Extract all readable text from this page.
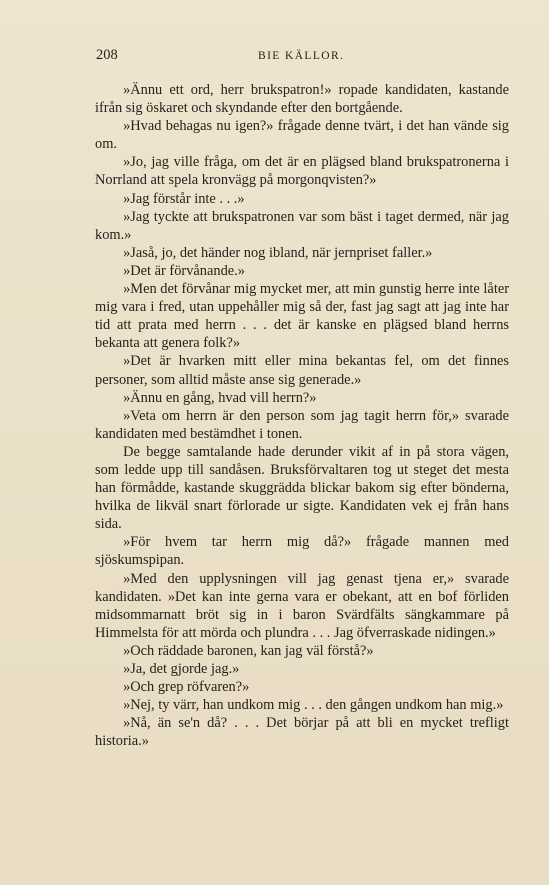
208	BIE KÄLLOR.

»Ännu ett ord, herr brukspatron!» ropade kandidaten, kastande ifrån sig öskaret och skyndande efter den bortgående.

»Hvad behagas nu igen?» frågade denne tvärt, i det han vände sig om.

»Jo, jag ville fråga, om det är en plägsed bland brukspatronerna i Norrland att spela kronvägg på morgonqvisten?»

»Jag förstår inte . . .»

»Jag tyckte att brukspatronen var som bäst i taget dermed, när jag kom.»

»Jaså, jo, det händer nog ibland, när jernpriset faller.»

»Det är förvånande.»

»Men det förvånar mig mycket mer, att min gunstig herre inte låter mig vara i fred, utan uppehåller mig så der, fast jag sagt att jag inte har tid att prata med herrn . . . det är kanske en plägsed bland herrns bekanta att genera folk?»

»Det är hvarken mitt eller mina bekantas fel, om det finnes personer, som alltid måste anse sig generade.»

»Ännu en gång, hvad vill herrn?»

»Veta om herrn är den person som jag tagit herrn för,» svarade kandidaten med bestämdhet i tonen.

De begge samtalande hade derunder vikit af in på stora vägen, som ledde upp till sandåsen. Bruksförvaltaren tog ut steget det mesta han förmådde, kastande skuggrädda blickar bakom sig efter bönderna, hvilka de likväl snart förlorade ur sigte. Kandidaten vek ej från hans sida.

»För hvem tar herrn mig då?» frågade mannen med sjöskumspipan.

»Med den upplysningen vill jag genast tjena er,» svarade kandidaten. »Det kan inte gerna vara er obekant, att en bof förliden midsommarnatt bröt sig in i baron Svärdfälts sängkammare på Himmelsta för att mörda och plundra . . . Jag öfverraskade nidingen.»

»Och räddade baronen, kan jag väl förstå?»

»Ja, det gjorde jag.»

»Och grep röfvaren?»

»Nej, ty värr, han undkom mig . . . den gången undkom han mig.»

»Nå, än se'n då? . . . Det börjar på att bli en mycket trefligt historia.»
